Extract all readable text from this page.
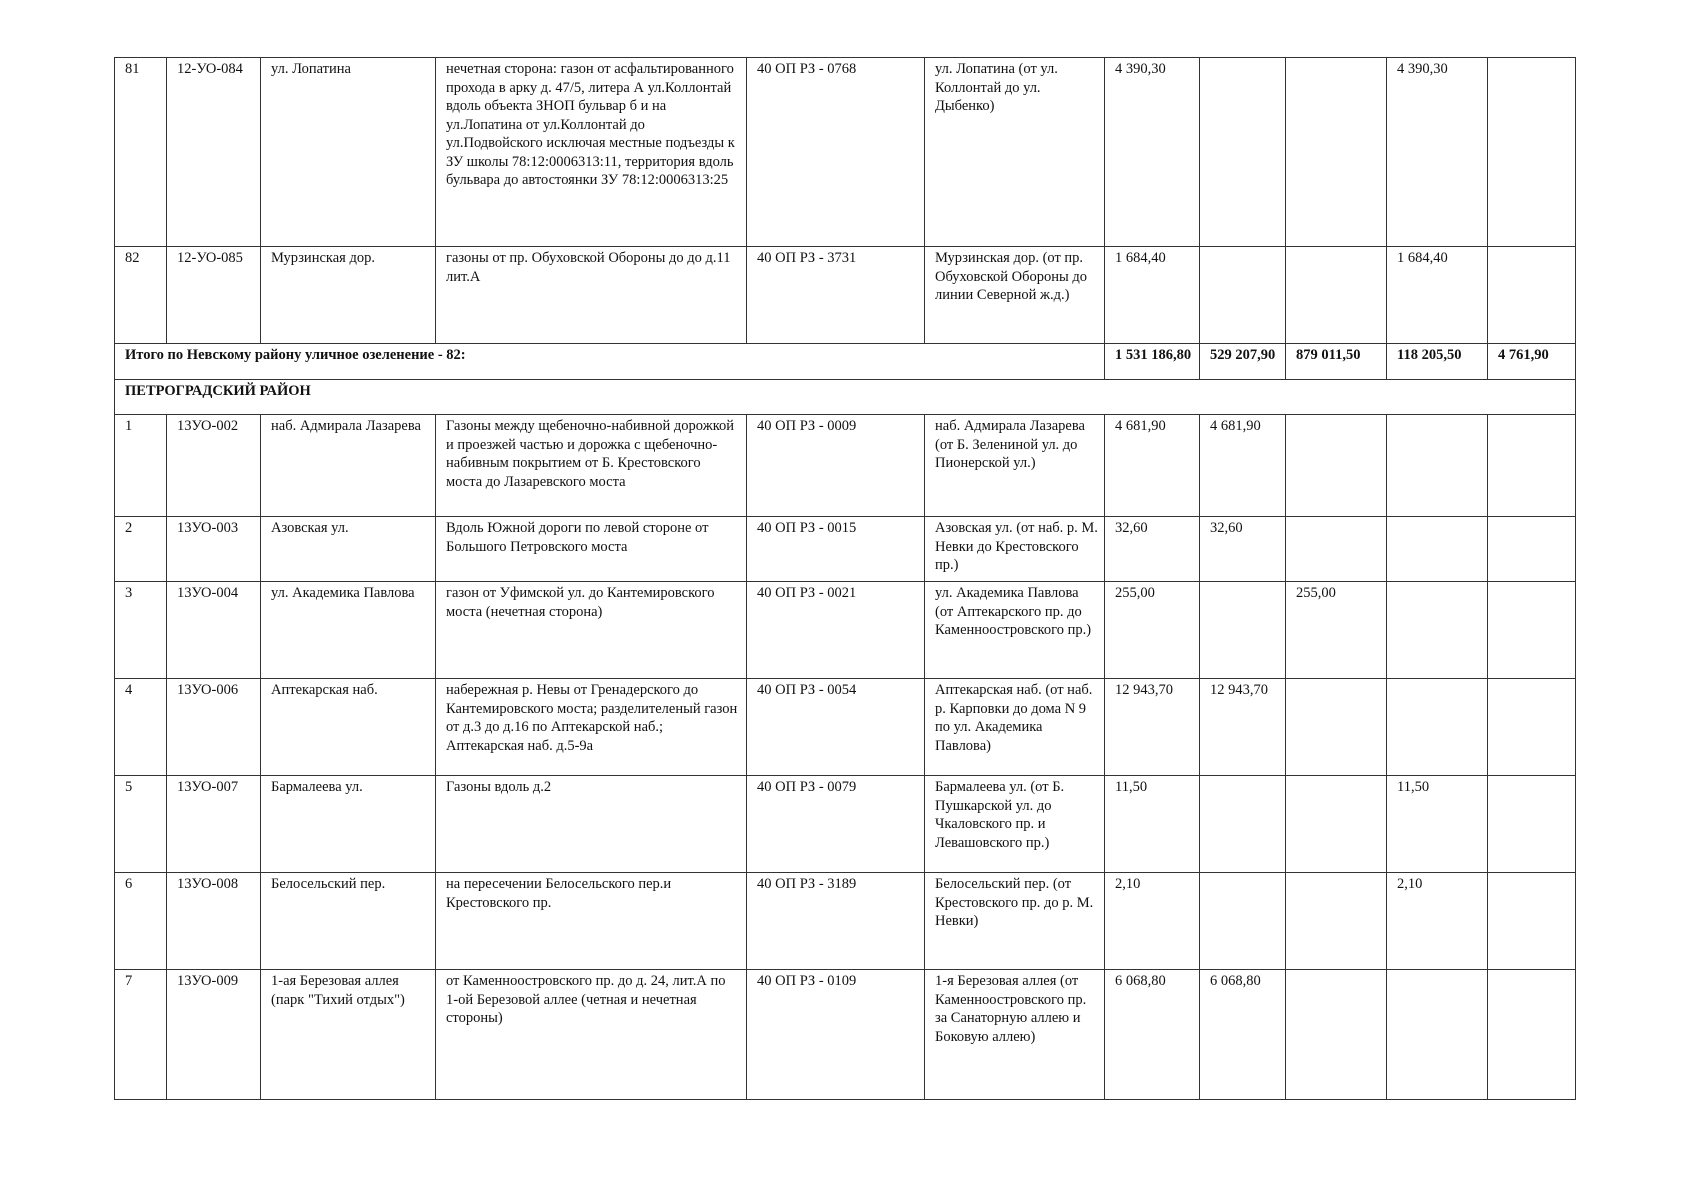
81	12-УО-084	ул. Лопатина	нечетная сторона: газон от асфальтированного прохода в арку д. 47/5, литера А ул.Коллонтай вдоль объекта ЗНОП бульвар б и на ул.Лопатина от ул.Коллонтай до ул.Подвойского исключая местные подъезды к ЗУ школы 78:12:0006313:11, территория вдоль бульвара до автостоянки ЗУ 78:12:0006313:25	40 ОП РЗ - 0768	ул. Лопатина (от ул. Коллонтай до ул. Дыбенко)	4 390,30			4 390,30	
82	12-УО-085	Мурзинская дор.	газоны от пр. Обуховской Обороны до до д.11 лит.А	40 ОП РЗ - 3731	Мурзинская дор. (от пр. Обуховской Обороны до линии Северной ж.д.)	1 684,40			1 684,40	
Итого по Невскому району уличное озеленение - 82:						1 531 186,80	529 207,90	879 011,50	118 205,50	4 761,90
ПЕТРОГРАДСКИЙ РАЙОН										
1	13УО-002	наб. Адмирала Лазарева	Газоны между щебеночно-набивной дорожкой и проезжей частью и дорожка с щебеночно-набивным покрытием от Б. Крестовского моста до Лазаревского моста	40 ОП РЗ - 0009	наб. Адмирала Лазарева (от Б. Зелениной ул. до Пионерской ул.)	4 681,90	4 681,90			
2	13УО-003	Азовская ул.	Вдоль Южной дороги по левой стороне от Большого Петровского моста	40 ОП РЗ - 0015	Азовская ул. (от наб. р. М. Невки до Крестовского пр.)	32,60	32,60			
3	13УО-004	ул. Академика Павлова	газон от Уфимской ул. до Кантемировского моста (нечетная сторона)	40 ОП РЗ - 0021	ул. Академика Павлова (от Аптекарского пр. до Каменноостровского пр.)	255,00		255,00		
4	13УО-006	Аптекарская наб.	набережная р. Невы от Гренадерского до Кантемировского моста; разделителеный газон от д.3 до д.16 по Аптекарской наб.; Аптекарская наб. д.5-9а	40 ОП РЗ - 0054	Аптекарская наб. (от наб. р. Карповки до дома N 9 по ул. Академика Павлова)	12 943,70	12 943,70			
5	13УО-007	Бармалеева ул.	Газоны вдоль д.2	40 ОП РЗ - 0079	Бармалеева ул. (от Б. Пушкарской ул. до Чкаловского пр. и Левашовского пр.)	11,50			11,50	
6	13УО-008	Белосельский пер.	на пересечении Белосельского пер.и Крестовского пр.	40 ОП РЗ - 3189	Белосельский пер. (от Крестовского пр. до р. М. Невки)	2,10			2,10	
7	13УО-009	1-ая Березовая аллея (парк "Тихий отдых")	от Каменноостровского пр. до д. 24, лит.А по 1-ой Березовой аллее (четная и нечетная стороны)	40 ОП РЗ - 0109	1-я Березовая аллея (от Каменноостровского пр. за Санаторную аллею и Боковую аллею)	6 068,80	6 068,80			
